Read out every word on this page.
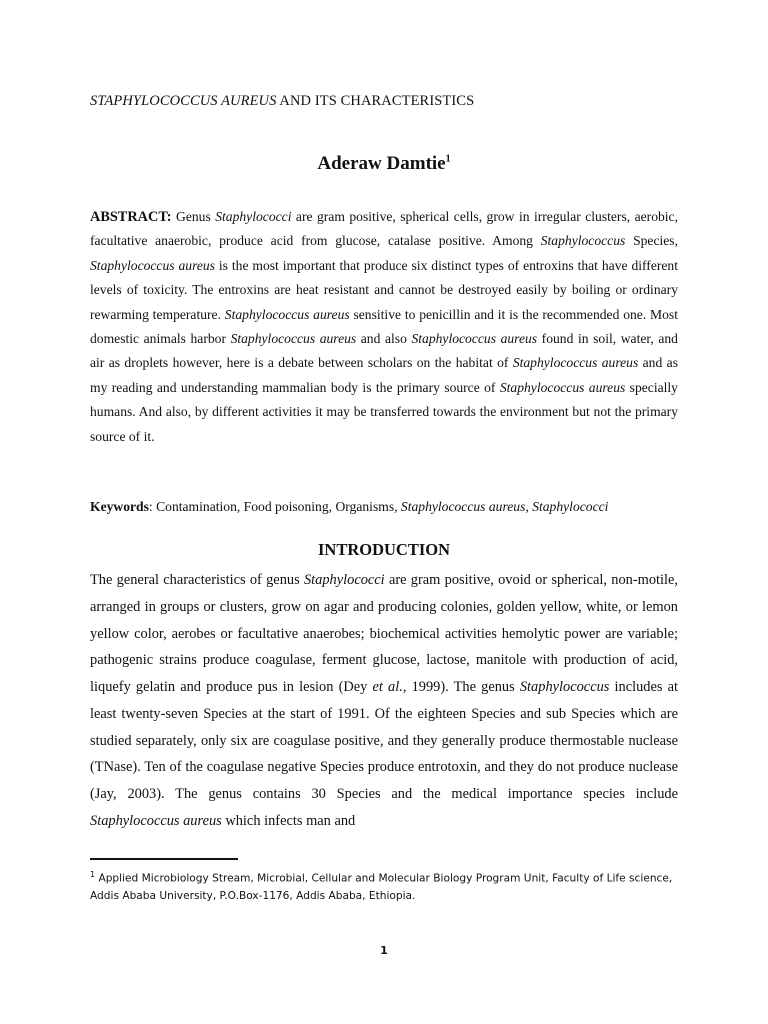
STAPHYLOCOCCUS AUREUS AND ITS CHARACTERISTICS
Aderaw Damtie$^1$

ABSTRACT: Genus Staphylococci are gram positive, spherical cells, grow in irregular clusters, aerobic, facultative anaerobic, produce acid from glucose, catalase positive. Among Staphylococcus Species, Staphylococcus aureus is the most important that produce six distinct types of entroxins that have different levels of toxicity. The entroxins are heat resistant and cannot be destroyed easily by boiling or ordinary rewarming temperature. Staphylococcus aureus sensitive to penicillin and it is the recommended one. Most domestic animals harbor Staphylococcus aureus and also Staphylococcus aureus found in soil, water, and air as droplets however, here is a debate between scholars on the habitat of Staphylococcus aureus and as my reading and understanding mammalian body is the primary source of Staphylococcus aureus specially humans. And also, by different activities it may be transferred towards the environment but not the primary source of it.

Keywords: Contamination, Food poisoning, Organisms, Staphylococcus aureus, Staphylococci

INTRODUCTION

The general characteristics of genus Staphylococci are gram positive, ovoid or spherical, non-motile, arranged in groups or clusters, grow on agar and producing colonies, golden yellow, white, or lemon yellow color, aerobes or facultative anaerobes; biochemical activities hemolytic power are variable; pathogenic strains produce coagulase, ferment glucose, lactose, manitole with production of acid, liquefy gelatin and produce pus in lesion (Dey et al., 1999). The genus Staphylococcus includes at least twenty-seven Species at the start of 1991. Of the eighteen Species and sub Species which are studied separately, only six are coagulase positive, and they generally produce thermostable nuclease (TNase). Ten of the coagulase negative Species produce entrotoxin, and they do not produce nuclease (Jay, 2003). The genus contains 30 Species and the medical importance species include Staphylococcus aureus which infects man and

$^1$ Applied Microbiology Stream, Microbial, Cellular and Molecular Biology Program Unit, Faculty of Life science,
Addis Ababa University, P.O.Box-1176, Addis Ababa, Ethiopia.

1
